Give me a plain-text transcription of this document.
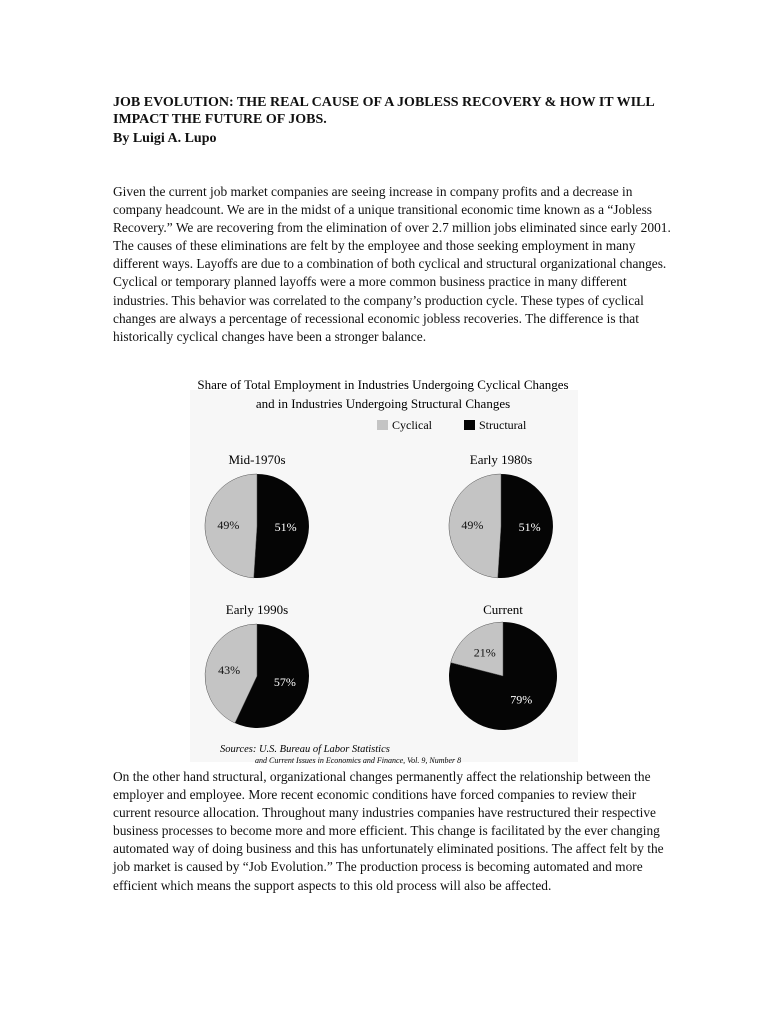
JOB EVOLUTION: THE REAL CAUSE OF A JOBLESS RECOVERY & HOW IT WILL IMPACT THE FUTURE OF JOBS.
By Luigi A. Lupo

Given the current job market companies are seeing increase in company profits and a decrease in company headcount. We are in the midst of a unique transitional economic time known as a “Jobless Recovery.” We are recovering from the elimination of over 2.7 million jobs eliminated since early 2001. The causes of these eliminations are felt by the employee and those seeking employment in many different ways. Layoffs are due to a combination of both cyclical and structural organizational changes. Cyclical or temporary planned layoffs were a more common business practice in many different industries. This behavior was correlated to the company’s production cycle. These types of cyclical changes are always a percentage of recessional economic jobless recoveries. The difference is that historically cyclical changes have been a stronger balance.

Share of Total Employment in Industries Undergoing Cyclical Changes
and in Industries Undergoing Structural Changes
Cyclical	Structural
Mid-1970s
51%
49%
Early 1980s
51%
49%
Early 1990s
57%
43%
Current
79%
21%
Sources: U.S. Bureau of Labor Statistics
and Current Issues in Economics and Finance, Vol. 9, Number 8

On the other hand structural, organizational changes permanently affect the relationship between the employer and employee. More recent economic conditions have forced companies to review their current resource allocation. Throughout many industries companies have restructured their respective business processes to become more and more efficient. This change is facilitated by the ever changing automated way of doing business and this has unfortunately eliminated positions. The affect felt by the job market is caused by “Job Evolution.” The production process is becoming automated and more efficient which means the support aspects to this old process will also be affected.
